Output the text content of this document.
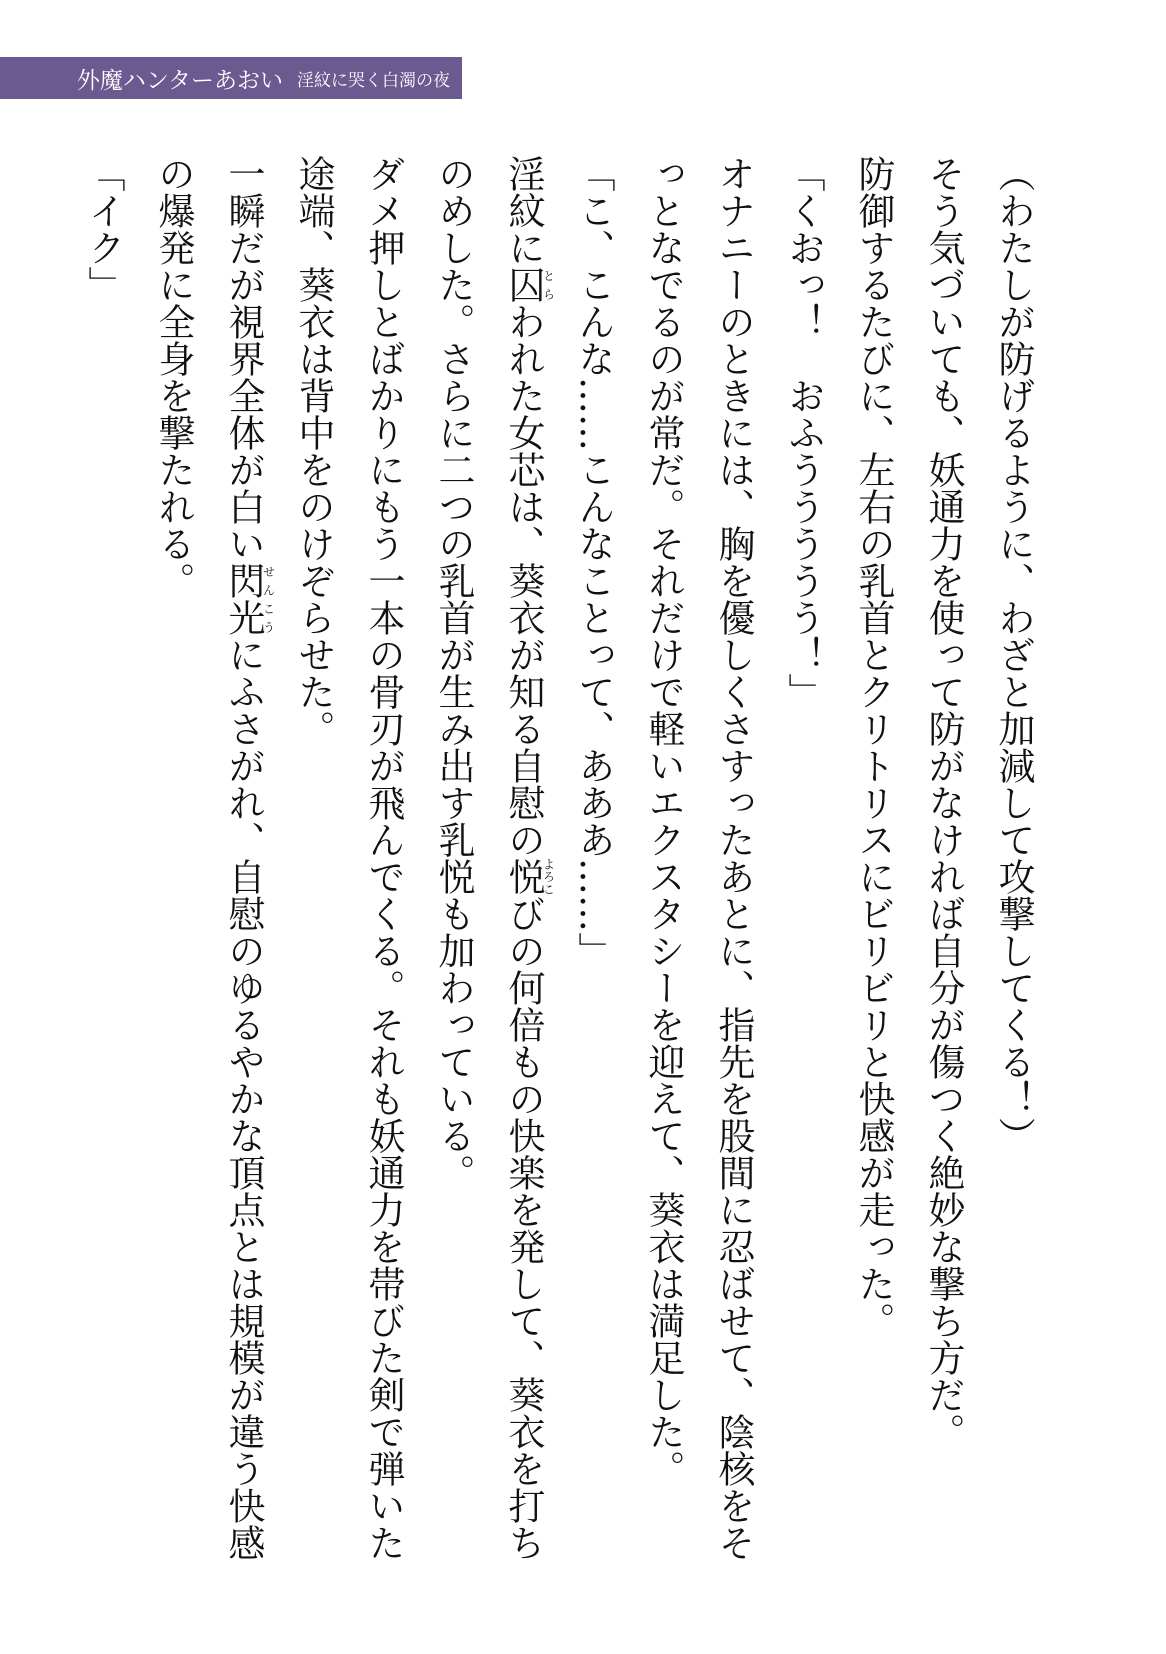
外魔ハンターあおい 淫紋に哭く白濁の夜

（わたしが防げるように、わざと加減して攻撃してくる！）

そう気づいても、妖通力を使って防がなければ自分が傷つく絶妙な撃ち方だ。

防御するたびに、左右の乳首とクリトリスにビリビリと快感が走った。

「くおっ！　おふううううう！」

オナニーのときには、胸を優しくさすったあとに、指先を股間に忍ばせて、陰核をそっとなでるのが常だ。それだけで軽いエクスタシーを迎えて、葵衣は満足した。

「こ、こんな……こんなことって、あああ……」

淫紋に囚とらわれた女芯は、葵衣が知る自慰の悦よろこびの何倍もの快楽を発して、葵衣を打ちのめした。さらに二つの乳首が生み出す乳悦も加わっている。

ダメ押しとばかりにもう一本の骨刃が飛んでくる。それも妖通力を帯びた剣で弾いた途端、葵衣は背中をのけぞらせた。

一瞬だが視界全体が白い閃光せんこうにふさがれ、自慰のゆるやかな頂点とは規模が違う快感の爆発に全身を撃たれる。

「イク」
